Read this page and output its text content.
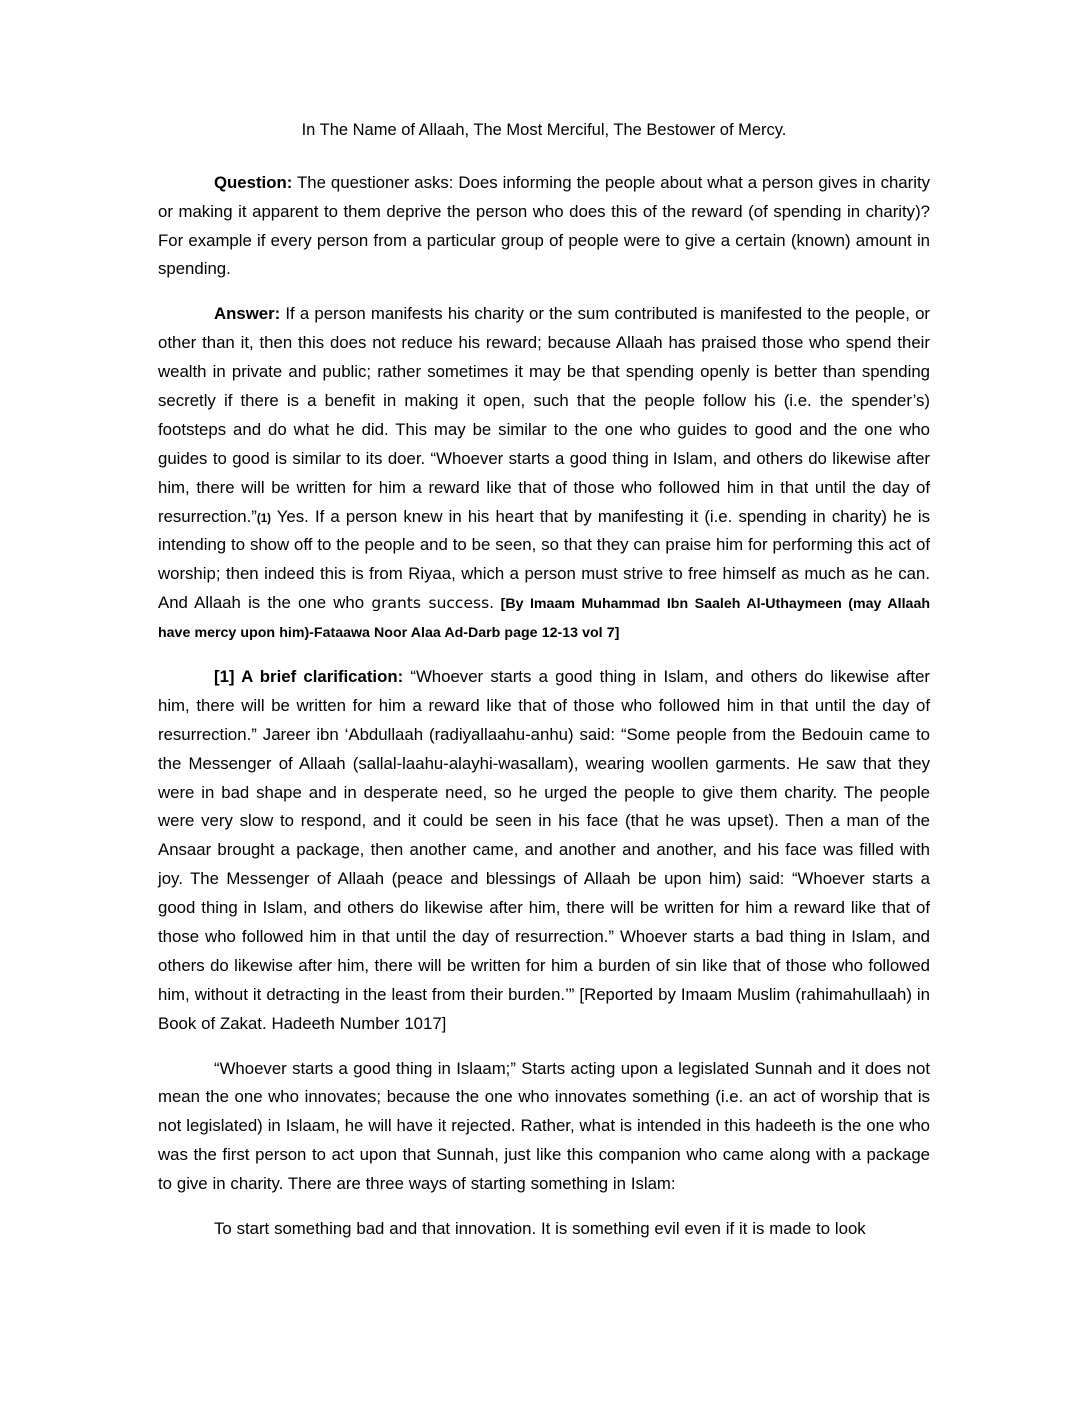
In The Name of Allaah, The Most Merciful, The Bestower of Mercy.

Question: The questioner asks: Does informing the people about what a person gives in charity or making it apparent to them deprive the person who does this of the reward (of spending in charity)? For example if every person from a particular group of people were to give a certain (known) amount in spending.

Answer: If a person manifests his charity or the sum contributed is manifested to the people, or other than it, then this does not reduce his reward; because Allaah has praised those who spend their wealth in private and public; rather sometimes it may be that spending openly is better than spending secretly if there is a benefit in making it open, such that the people follow his (i.e. the spender’s) footsteps and do what he did. This may be similar to the one who guides to good and the one who guides to good is similar to its doer. “Whoever starts a good thing in Islam, and others do likewise after him, there will be written for him a reward like that of those who followed him in that until the day of resurrection.”(1) Yes. If a person knew in his heart that by manifesting it (i.e. spending in charity) he is intending to show off to the people and to be seen, so that they can praise him for performing this act of worship; then indeed this is from Riyaa, which a person must strive to free himself as much as he can. And Allaah is the one who grants success. [By Imaam Muhammad Ibn Saaleh Al-Uthaymeen (may Allaah have mercy upon him)-Fataawa Noor Alaa Ad-Darb page 12-13 vol 7]

[1] A brief clarification: “Whoever starts a good thing in Islam, and others do likewise after him, there will be written for him a reward like that of those who followed him in that until the day of resurrection.” Jareer ibn ‘Abdullaah (radiyallaahu-anhu) said: “Some people from the Bedouin came to the Messenger of Allaah (sallal-laahu-alayhi-wasallam), wearing woollen garments. He saw that they were in bad shape and in desperate need, so he urged the people to give them charity. The people were very slow to respond, and it could be seen in his face (that he was upset). Then a man of the Ansaar brought a package, then another came, and another and another, and his face was filled with joy. The Messenger of Allaah (peace and blessings of Allaah be upon him) said: “Whoever starts a good thing in Islam, and others do likewise after him, there will be written for him a reward like that of those who followed him in that until the day of resurrection.” Whoever starts a bad thing in Islam, and others do likewise after him, there will be written for him a burden of sin like that of those who followed him, without it detracting in the least from their burden.’” [Reported by Imaam Muslim (rahimahullaah) in Book of Zakat. Hadeeth Number 1017]

“Whoever starts a good thing in Islaam;” Starts acting upon a legislated Sunnah and it does not mean the one who innovates; because the one who innovates something (i.e. an act of worship that is not legislated) in Islaam, he will have it rejected. Rather, what is intended in this hadeeth is the one who was the first person to act upon that Sunnah, just like this companion who came along with a package to give in charity. There are three ways of starting something in Islam:

To start something bad and that innovation. It is something evil even if it is made to look
